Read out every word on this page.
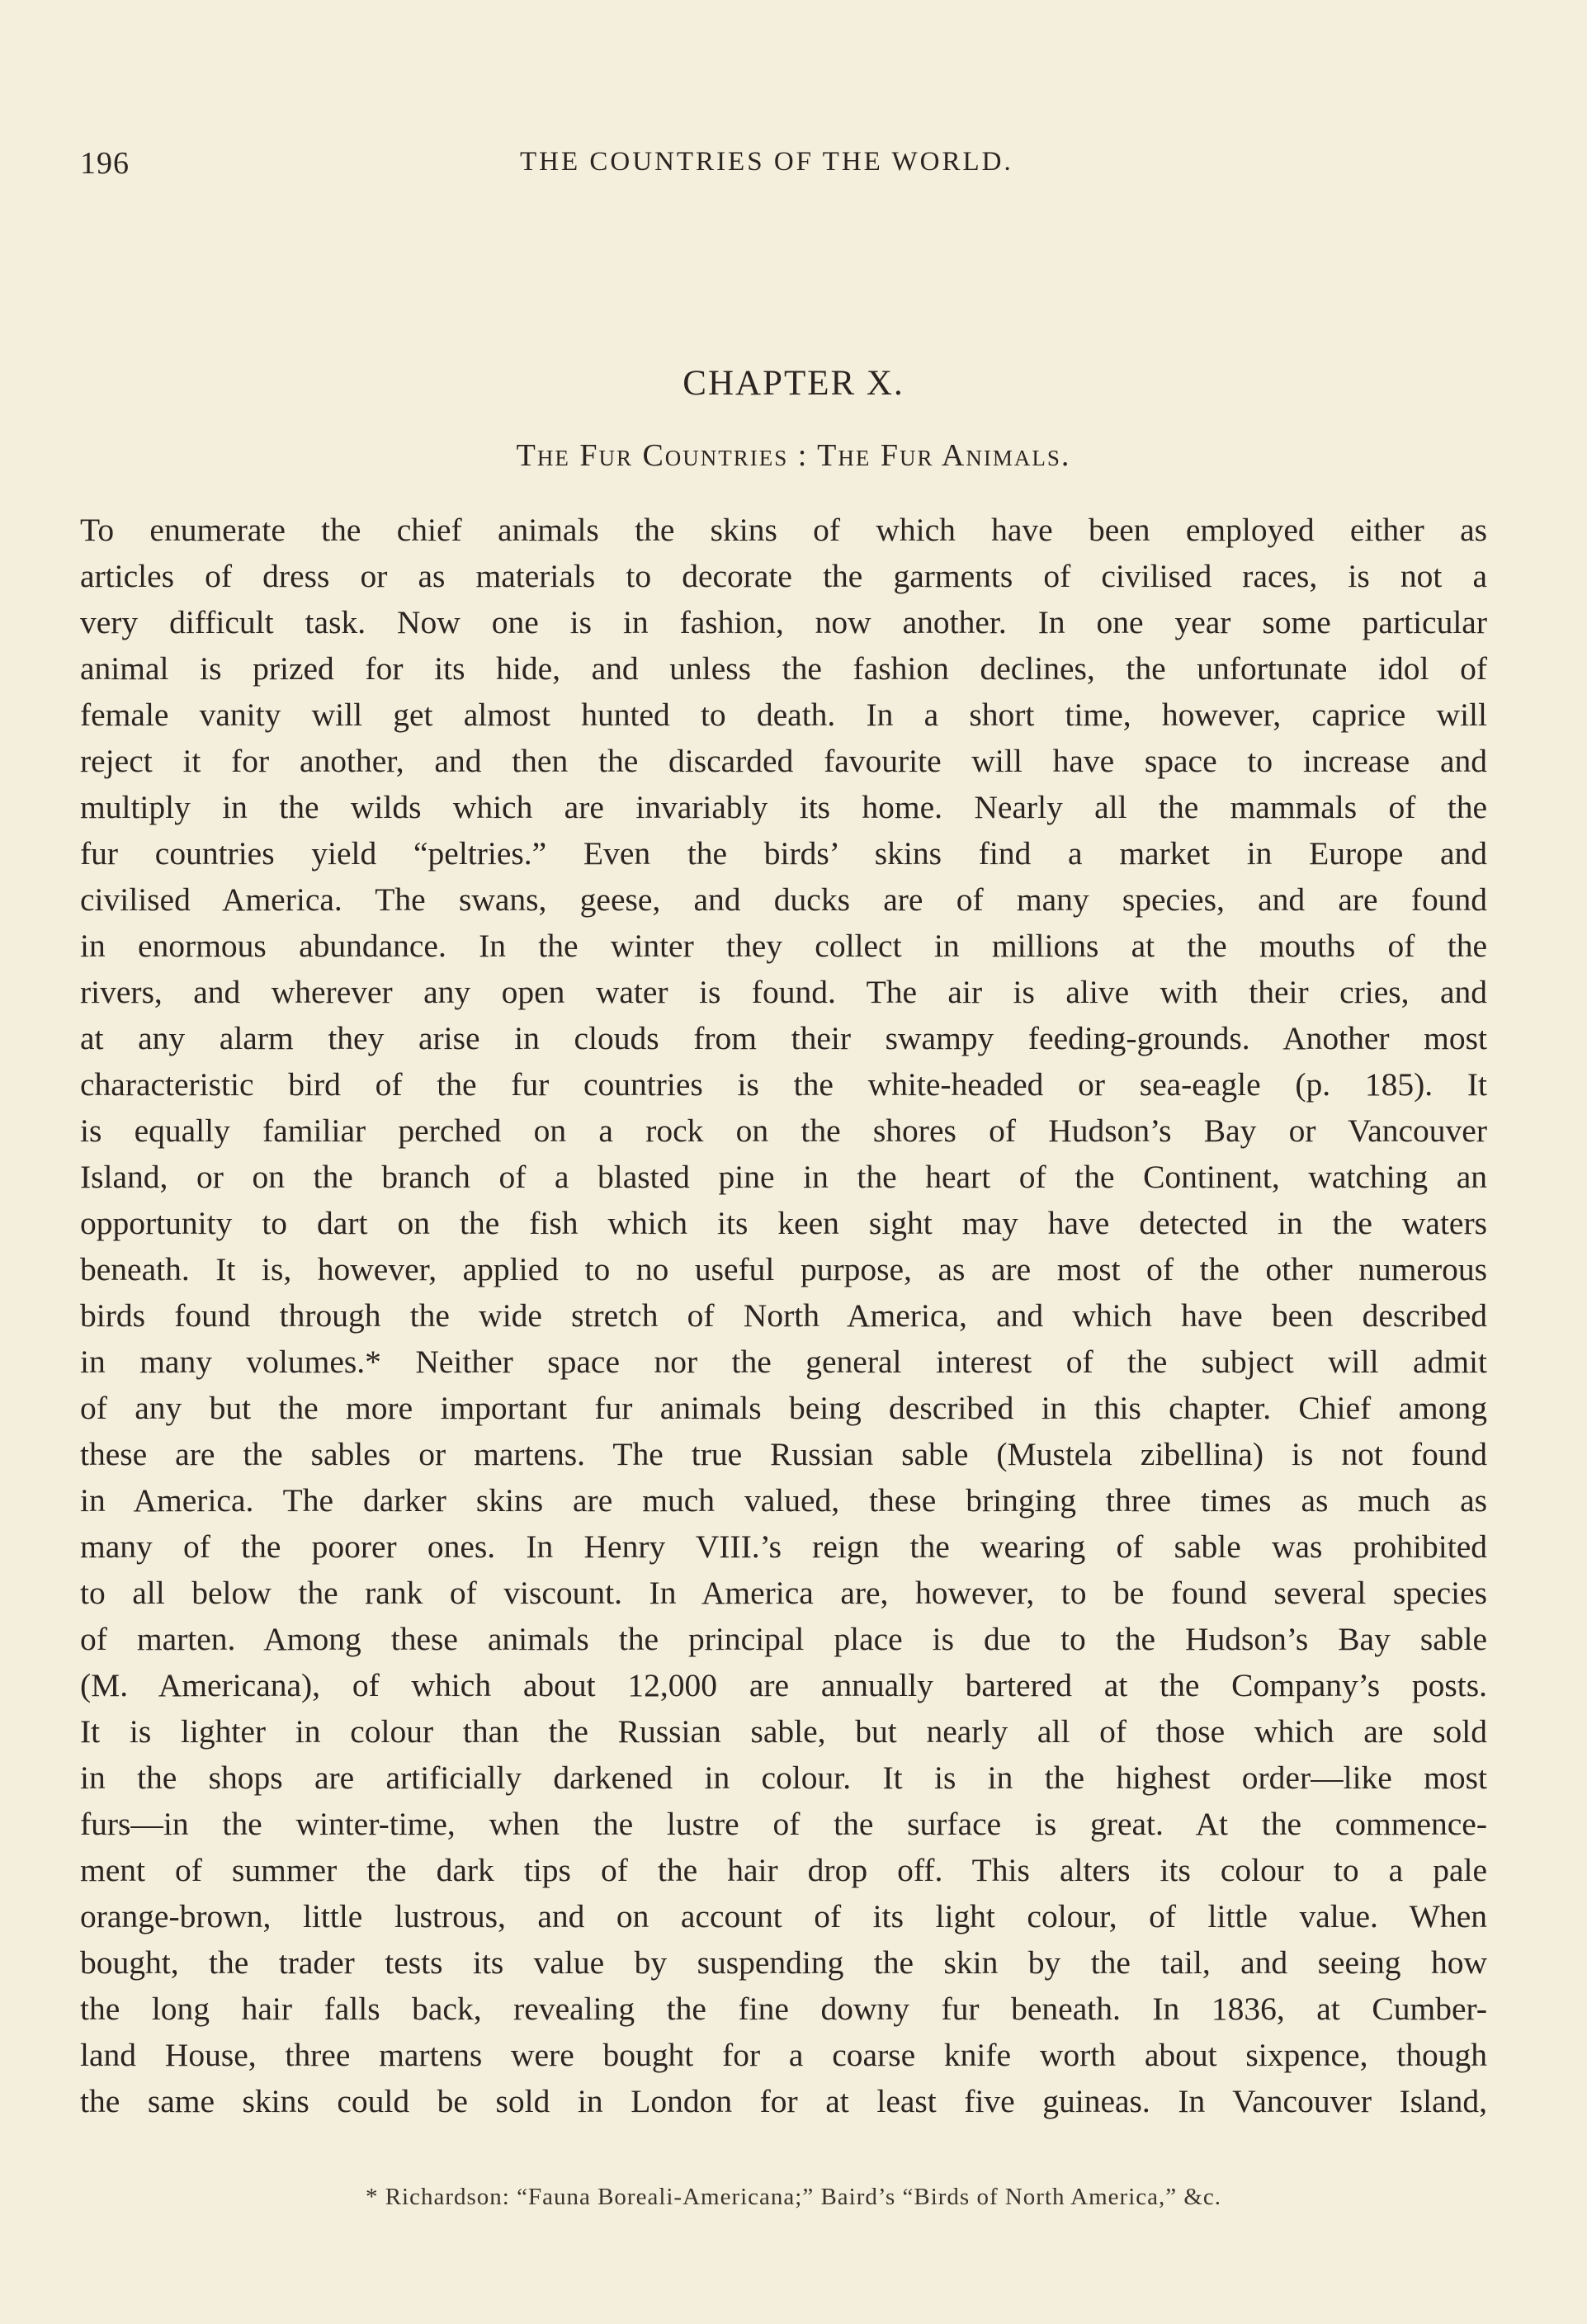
196	THE COUNTRIES OF THE WORLD.
CHAPTER X.
The Fur Countries : The Fur Animals.
To enumerate the chief animals the skins of which have been employed either as
articles of dress or as materials to decorate the garments of civilised races, is not a
very difficult task. Now one is in fashion, now another. In one year some particular
animal is prized for its hide, and unless the fashion declines, the unfortunate idol of
female vanity will get almost hunted to death. In a short time, however, caprice will
reject it for another, and then the discarded favourite will have space to increase and
multiply in the wilds which are invariably its home. Nearly all the mammals of the
fur countries yield “peltries.” Even the birds’ skins find a market in Europe and
civilised America. The swans, geese, and ducks are of many species, and are found
in enormous abundance. In the winter they collect in millions at the mouths of the
rivers, and wherever any open water is found. The air is alive with their cries, and
at any alarm they arise in clouds from their swampy feeding-grounds. Another most
characteristic bird of the fur countries is the white-headed or sea-eagle (p. 185). It
is equally familiar perched on a rock on the shores of Hudson’s Bay or Vancouver
Island, or on the branch of a blasted pine in the heart of the Continent, watching an
opportunity to dart on the fish which its keen sight may have detected in the waters
beneath. It is, however, applied to no useful purpose, as are most of the other numerous
birds found through the wide stretch of North America, and which have been described
in many volumes.* Neither space nor the general interest of the subject will admit
of any but the more important fur animals being described in this chapter. Chief among
these are the sables or martens. The true Russian sable (Mustela zibellina) is not found
in America. The darker skins are much valued, these bringing three times as much as
many of the poorer ones. In Henry VIII.’s reign the wearing of sable was prohibited
to all below the rank of viscount. In America are, however, to be found several species
of marten. Among these animals the principal place is due to the Hudson’s Bay sable
(M. Americana), of which about 12,000 are annually bartered at the Company’s posts.
It is lighter in colour than the Russian sable, but nearly all of those which are sold
in the shops are artificially darkened in colour. It is in the highest order—like most
furs—in the winter-time, when the lustre of the surface is great. At the commence-
ment of summer the dark tips of the hair drop off. This alters its colour to a pale
orange-brown, little lustrous, and on account of its light colour, of little value. When
bought, the trader tests its value by suspending the skin by the tail, and seeing how
the long hair falls back, revealing the fine downy fur beneath. In 1836, at Cumber-
land House, three martens were bought for a coarse knife worth about sixpence, though
the same skins could be sold in London for at least five guineas. In Vancouver Island,
* Richardson: “Fauna Boreali-Americana;” Baird’s “Birds of North America,” &c.
